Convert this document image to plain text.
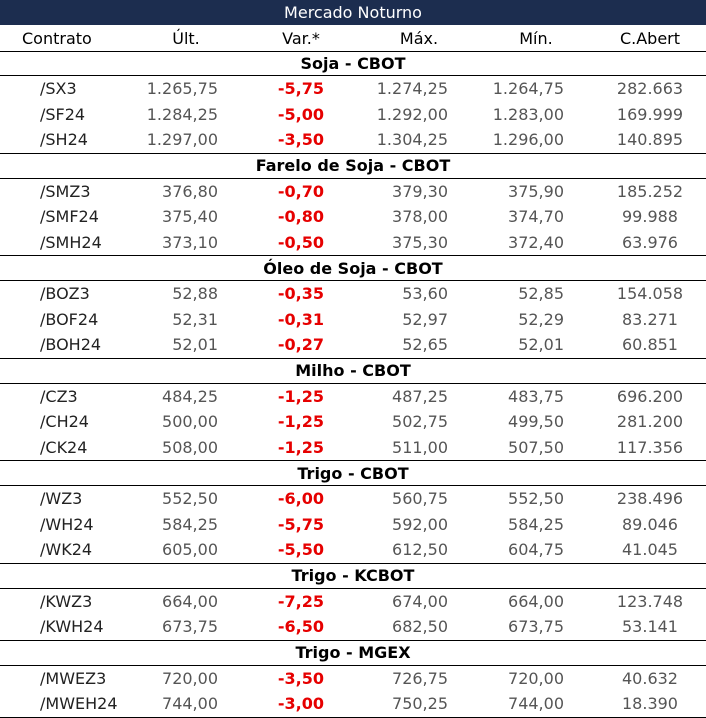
Mercado Noturno					
Contrato	Últ.	Var.*	Máx.	Mín.	C.Abert
Soja - CBOT					
/SX3	1.265,75	-5,75	1.274,25	1.264,75	282.663
/SF24	1.284,25	-5,00	1.292,00	1.283,00	169.999
/SH24	1.297,00	-3,50	1.304,25	1.296,00	140.895
Farelo de Soja - CBOT					
/SMZ3	376,80	-0,70	379,30	375,90	185.252
/SMF24	375,40	-0,80	378,00	374,70	99.988
/SMH24	373,10	-0,50	375,30	372,40	63.976
Óleo de Soja - CBOT					
/BOZ3	52,88	-0,35	53,60	52,85	154.058
/BOF24	52,31	-0,31	52,97	52,29	83.271
/BOH24	52,01	-0,27	52,65	52,01	60.851
Milho - CBOT					
/CZ3	484,25	-1,25	487,25	483,75	696.200
/CH24	500,00	-1,25	502,75	499,50	281.200
/CK24	508,00	-1,25	511,00	507,50	117.356
Trigo - CBOT					
/WZ3	552,50	-6,00	560,75	552,50	238.496
/WH24	584,25	-5,75	592,00	584,25	89.046
/WK24	605,00	-5,50	612,50	604,75	41.045
Trigo - KCBOT					
/KWZ3	664,00	-7,25	674,00	664,00	123.748
/KWH24	673,75	-6,50	682,50	673,75	53.141
Trigo - MGEX					
/MWEZ3	720,00	-3,50	726,75	720,00	40.632
/MWEH24	744,00	-3,00	750,25	744,00	18.390
